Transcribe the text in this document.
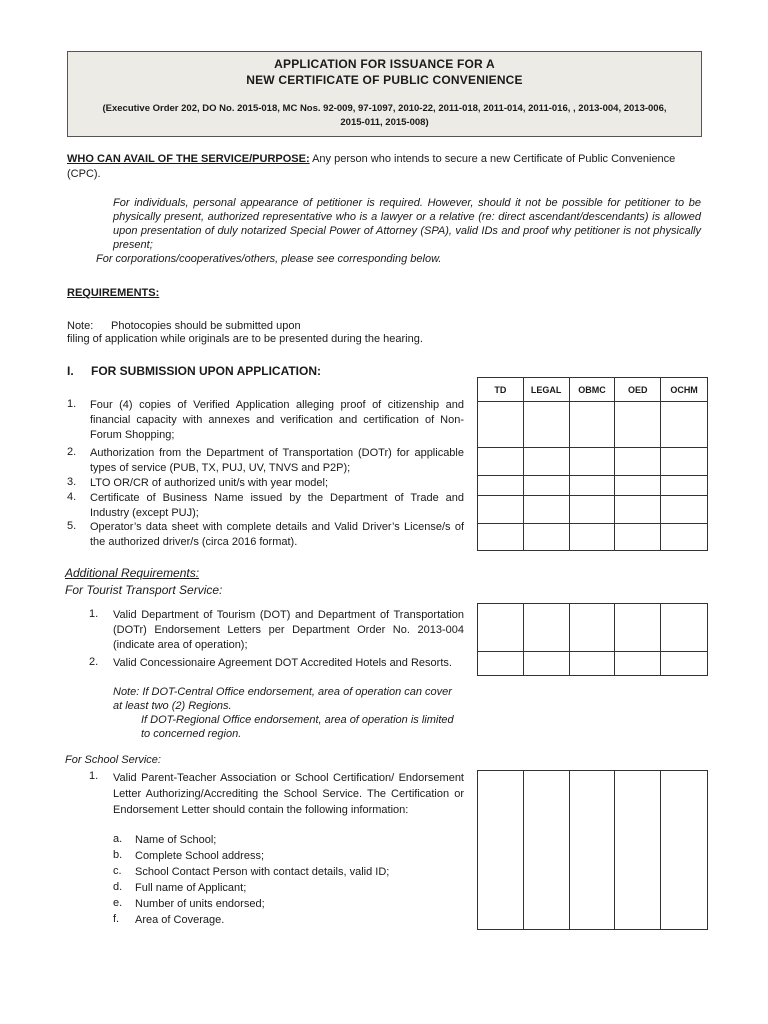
APPLICATION FOR ISSUANCE FOR A
NEW CERTIFICATE OF PUBLIC CONVENIENCE
(Executive Order 202, DO No. 2015-018, MC Nos. 92-009, 97-1097, 2010-22, 2011-018, 2011-014, 2011-016, , 2013-004, 2013-006, 2015-011, 2015-008)
WHO CAN AVAIL OF THE SERVICE/PURPOSE: Any person who intends to secure a new Certificate of Public Convenience (CPC).
For individuals, personal appearance of petitioner is required. However, should it not be possible for petitioner to be physically present, authorized representative who is a lawyer or a relative (re: direct ascendant/descendants) is allowed upon presentation of duly notarized Special Power of Attorney (SPA), valid IDs and proof why petitioner is not physically present;
For corporations/cooperatives/others, please see corresponding below.
REQUIREMENTS:
Note: Photocopies should be submitted upon
filing of application while originals are to be presented during the hearing.
I. FOR SUBMISSION UPON APPLICATION:
TD	LEGAL	OBMC	OED	OCHM

1. Four (4) copies of Verified Application alleging proof of citizenship and financial capacity with annexes and verification and certification of Non-Forum Shopping;
2. Authorization from the Department of Transportation (DOTr) for applicable types of service (PUB, TX, PUJ, UV, TNVS and P2P);
3. LTO OR/CR of authorized unit/s with year model;
4. Certificate of Business Name issued by the Department of Trade and Industry (except PUJ);
5. Operator’s data sheet with complete details and Valid Driver’s License/s of the authorized driver/s (circa 2016 format).
Additional Requirements:
For Tourist Transport Service:

1. Valid Department of Tourism (DOT) and Department of Transportation (DOTr) Endorsement Letters per Department Order No. 2013-004 (indicate area of operation);
2. Valid Concessionaire Agreement DOT Accredited Hotels and Resorts.
Note: If DOT-Central Office endorsement, area of operation can cover at least two (2) Regions.
If DOT-Regional Office endorsement, area of operation is limited to concerned region.
For School Service:

1. Valid Parent-Teacher Association or School Certification/ Endorsement Letter Authorizing/Accrediting the School Service. The Certification or Endorsement Letter should contain the following information:
a. Name of School;
b. Complete School address;
c. School Contact Person with contact details, valid ID;
d. Full name of Applicant;
e. Number of units endorsed;
f. Area of Coverage.
